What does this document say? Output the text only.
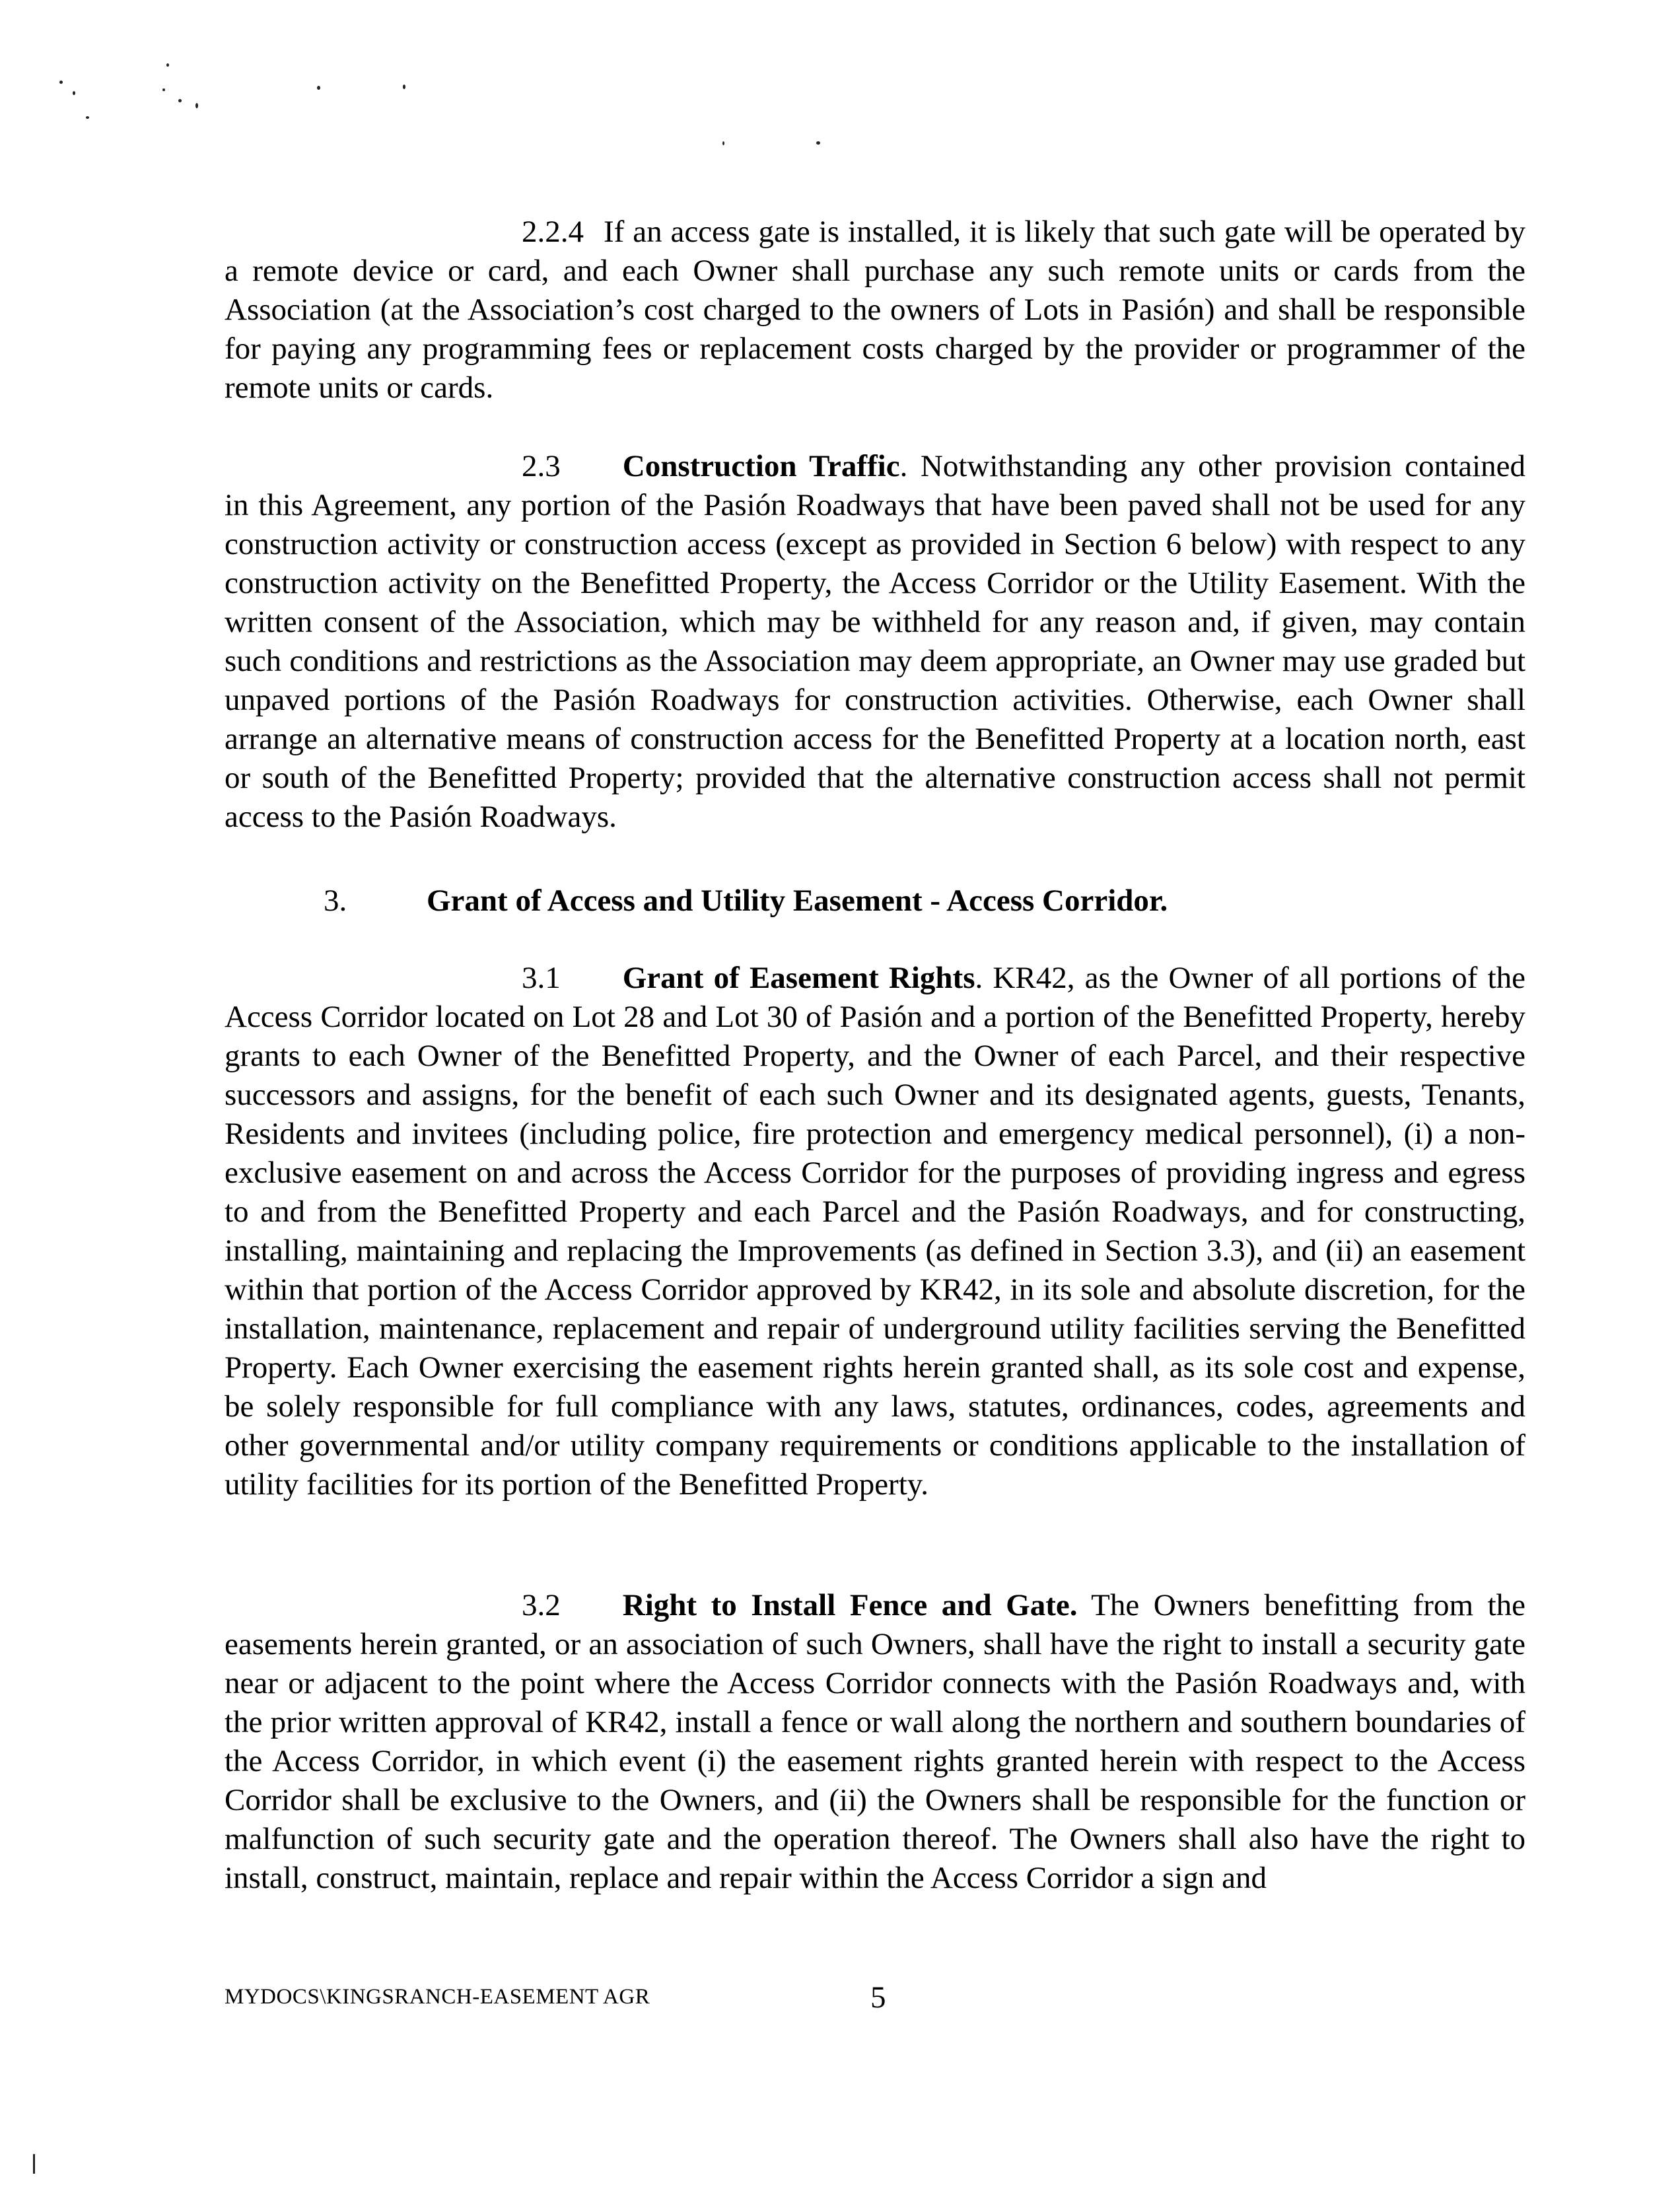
2.2.4 If an access gate is installed, it is likely that such gate will be operated by a remote device or card, and each Owner shall purchase any such remote units or cards from the Association (at the Association’s cost charged to the owners of Lots in Pasión) and shall be responsible for paying any programming fees or replacement costs charged by the provider or programmer of the remote units or cards.

2.3 Construction Traffic. Notwithstanding any other provision contained in this Agreement, any portion of the Pasión Roadways that have been paved shall not be used for any construction activity or construction access (except as provided in Section 6 below) with respect to any construction activity on the Benefitted Property, the Access Corridor or the Utility Easement. With the written consent of the Association, which may be withheld for any reason and, if given, may contain such conditions and restrictions as the Association may deem appropriate, an Owner may use graded but unpaved portions of the Pasión Roadways for construction activities. Otherwise, each Owner shall arrange an alternative means of construction access for the Benefitted Property at a location north, east or south of the Benefitted Property; provided that the alternative construction access shall not permit access to the Pasión Roadways.

3.	Grant of Access and Utility Easement - Access Corridor.

3.1 Grant of Easement Rights. KR42, as the Owner of all portions of the Access Corridor located on Lot 28 and Lot 30 of Pasión and a portion of the Benefitted Property, hereby grants to each Owner of the Benefitted Property, and the Owner of each Parcel, and their respective successors and assigns, for the benefit of each such Owner and its designated agents, guests, Tenants, Residents and invitees (including police, fire protection and emergency medical personnel), (i) a non-exclusive easement on and across the Access Corridor for the purposes of providing ingress and egress to and from the Benefitted Property and each Parcel and the Pasión Roadways, and for constructing, installing, maintaining and replacing the Improvements (as defined in Section 3.3), and (ii) an easement within that portion of the Access Corridor approved by KR42, in its sole and absolute discretion, for the installation, maintenance, replacement and repair of underground utility facilities serving the Benefitted Property. Each Owner exercising the easement rights herein granted shall, as its sole cost and expense, be solely responsible for full compliance with any laws, statutes, ordinances, codes, agreements and other governmental and/or utility company requirements or conditions applicable to the installation of utility facilities for its portion of the Benefitted Property.

3.2 Right to Install Fence and Gate. The Owners benefitting from the easements herein granted, or an association of such Owners, shall have the right to install a security gate near or adjacent to the point where the Access Corridor connects with the Pasión Roadways and, with the prior written approval of KR42, install a fence or wall along the northern and southern boundaries of the Access Corridor, in which event (i) the easement rights granted herein with respect to the Access Corridor shall be exclusive to the Owners, and (ii) the Owners shall be responsible for the function or malfunction of such security gate and the operation thereof. The Owners shall also have the right to install, construct, maintain, replace and repair within the Access Corridor a sign and

MYDOCS\KINGSRANCH-EASEMENT AGR	5
